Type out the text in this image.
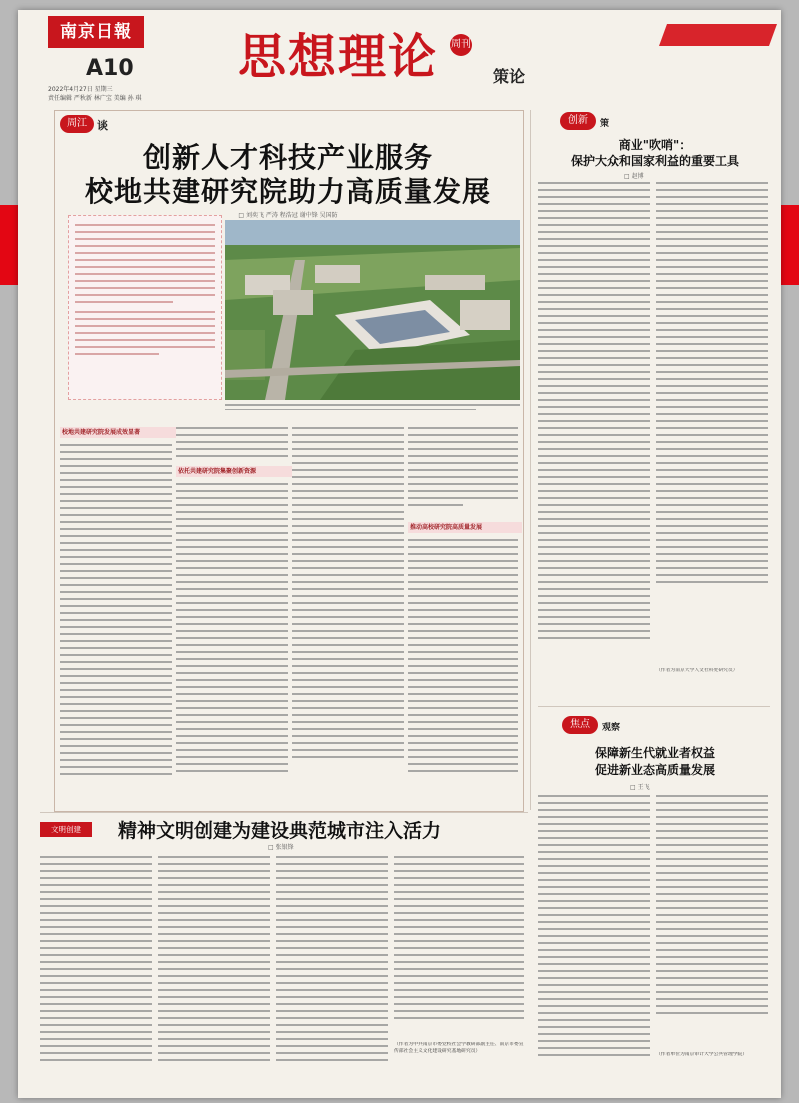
南京日報
A10
2022年4月27日 星期三
责任编辑 严秋新 林广宝 美编 孙 琪
思想理论 周刊
策论
周江 谈
创新人才科技产业服务
校地共建研究院助力高质量发展
□ 刘奕飞 严涛 程浩冠 谢中锋 吴国防
校地共建研究院发展成效显著
依托共建研究院集聚创新资源
推动高校研究院高质量发展
创新	策
商业"吹哨"：
保护大众和国家利益的重要工具
□ 赵博
（作者为南京大学人文社科处研究员）
焦点	观察
保障新生代就业者权益
促进新业态高质量发展
□ 王飞
（作者单位为南京审计大学公共管理学院）
文明创建	精神文明创建为建设典范城市注入活力
□ 张银锋
（作者为中共南京市委党校社会学教研部副主任、南京市委宣传部社会主义文化建设研究基地研究员）
